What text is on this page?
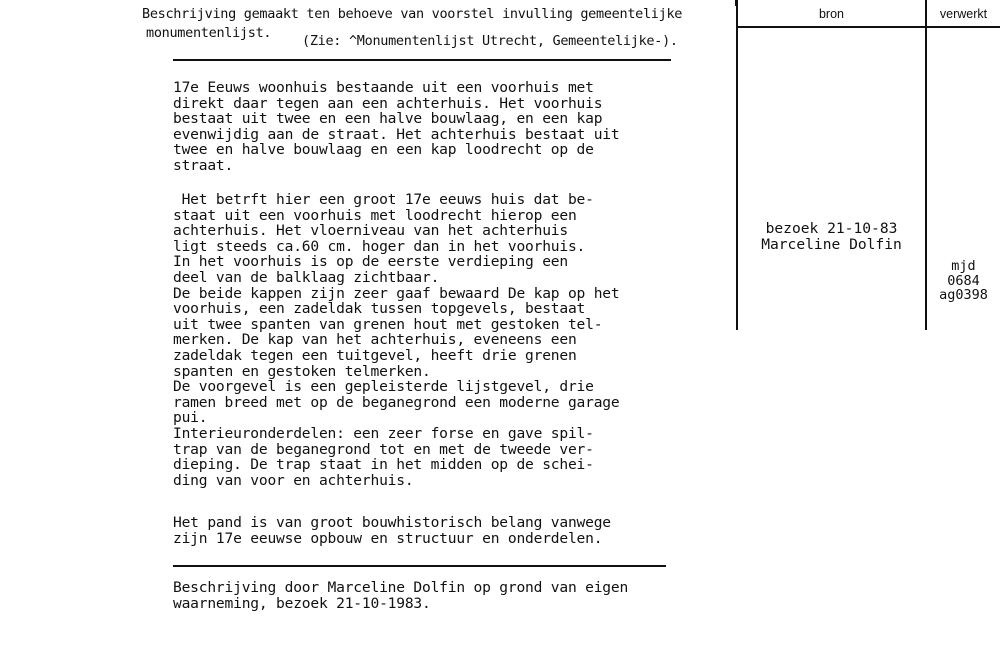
Beschrijving gemaakt ten behoeve van voorstel invulling gemeentelijke
monumentenlijst. (Zie: ^Monumentenlijst Utrecht, Gemeentelijke-).
17e Eeuws woonhuis bestaande uit een voorhuis met
direkt daar tegen aan een achterhuis. Het voorhuis
bestaat uit twee en een halve bouwlaag, en een kap
evenwijdig aan de straat. Het achterhuis bestaat uit
twee en halve bouwlaag en een kap loodrecht op de
straat.
Het betrft hier een groot 17e eeuws huis dat be-
staat uit een voorhuis met loodrecht hierop een
achterhuis. Het vloerniveau van het achterhuis
ligt steeds ca.60 cm. hoger dan in het voorhuis.
In het voorhuis is op de eerste verdieping een
deel van de balklaag zichtbaar.
De beide kappen zijn zeer gaaf bewaard De kap op het
voorhuis, een zadeldak tussen topgevels, bestaat
uit twee spanten van grenen hout met gestoken tel-
merken. De kap van het achterhuis, eveneens een
zadeldak tegen een tuitgevel, heeft drie grenen
spanten en gestoken telmerken.
De voorgevel is een gepleisterde lijstgevel, drie
ramen breed met op de beganegrond een moderne garage
pui.
Interieuronderdelen: een zeer forse en gave spil-
trap van de beganegrond tot en met de tweede ver-
dieping. De trap staat in het midden op de schei-
ding van voor en achterhuis.
Het pand is van groot bouwhistorisch belang vanwege
zijn 17e eeuwse opbouw en structuur en onderdelen.
Beschrijving door Marceline Dolfin op grond van eigen
waarneming, bezoek 21-10-1983.
bron	verwerkt
bezoek 21-10-83
Marceline Dolfin
mjd
0684
ag0398
